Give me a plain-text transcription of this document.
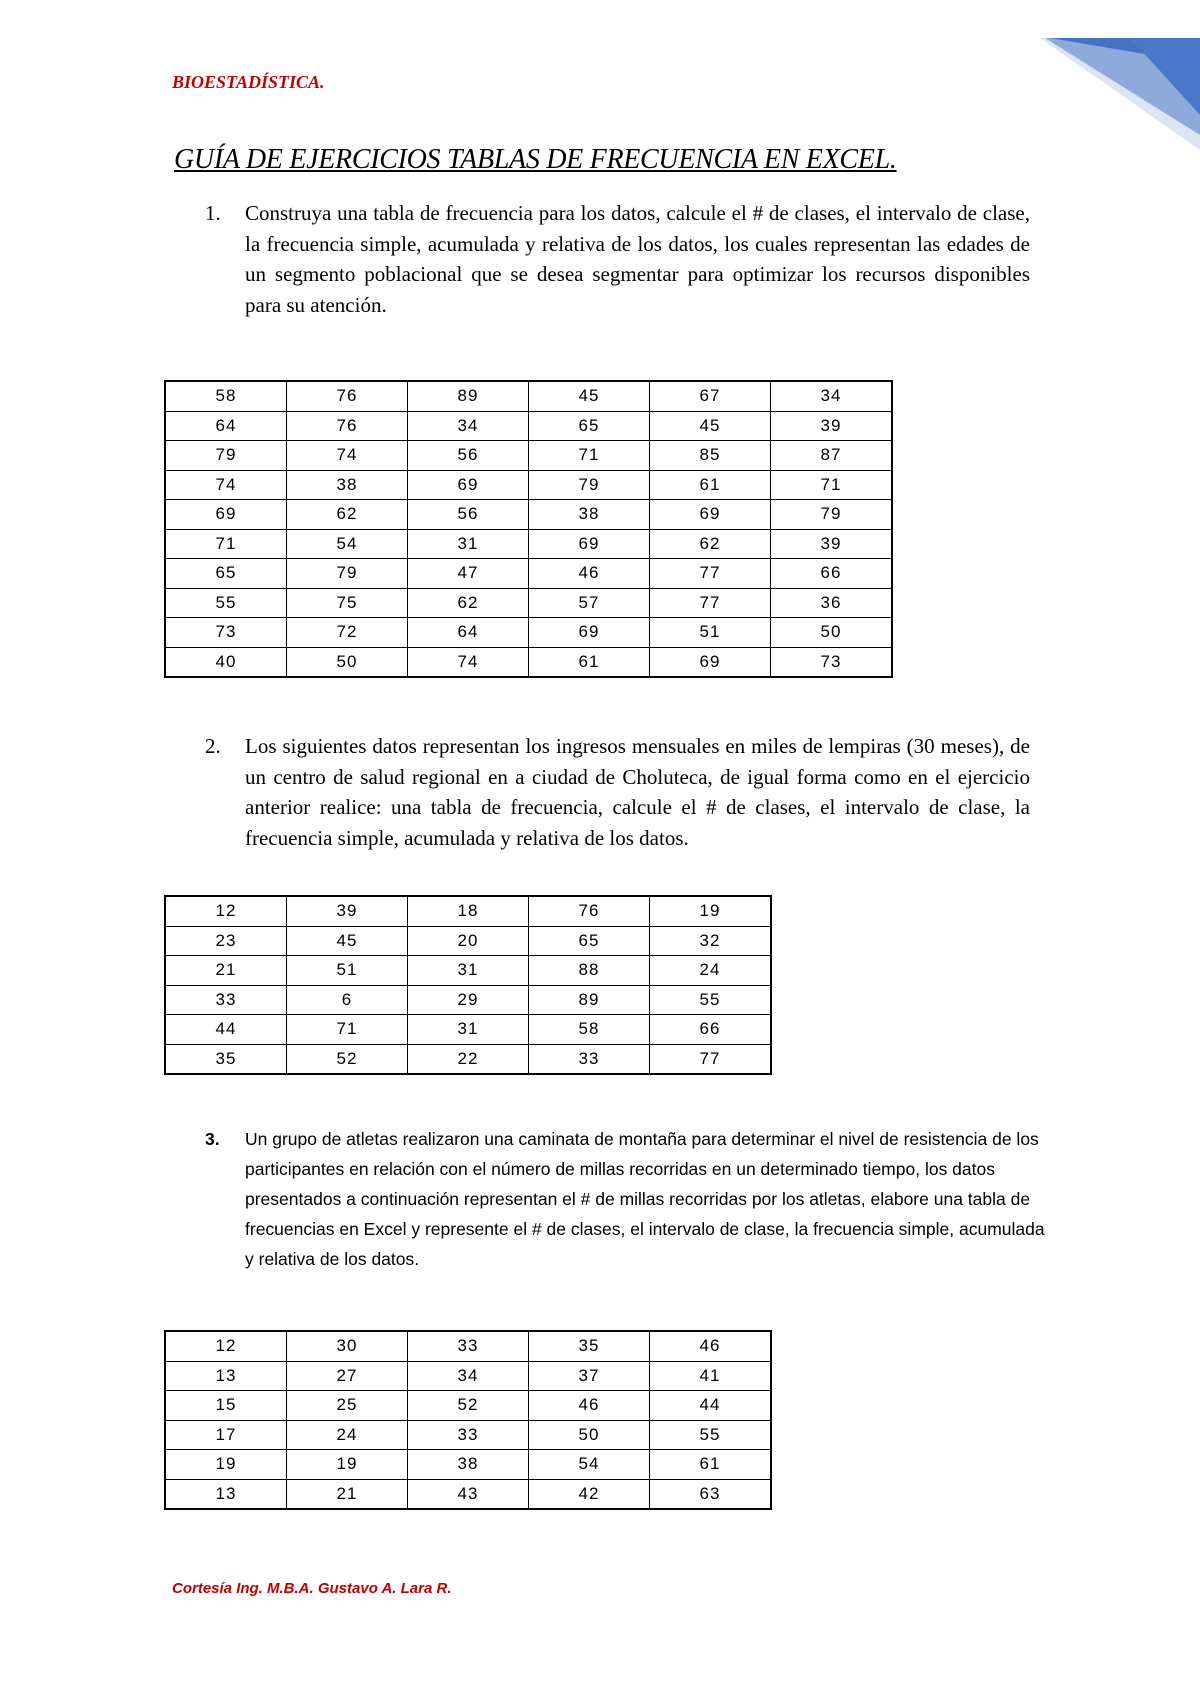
BIOESTADÍSTICA.
GUÍA DE EJERCICIOS TABLAS DE FRECUENCIA EN EXCEL.
1. Construya una tabla de frecuencia para los datos, calcule el # de clases, el intervalo de clase, la frecuencia simple, acumulada y relativa de los datos, los cuales representan las edades de un segmento poblacional que se desea segmentar para optimizar los recursos disponibles para su atención.
58	76	89	45	67	34
64	76	34	65	45	39
79	74	56	71	85	87
74	38	69	79	61	71
69	62	56	38	69	79
71	54	31	69	62	39
65	79	47	46	77	66
55	75	62	57	77	36
73	72	64	69	51	50
40	50	74	61	69	73
2. Los siguientes datos representan los ingresos mensuales en miles de lempiras (30 meses), de un centro de salud regional en a ciudad de Choluteca, de igual forma como en el ejercicio anterior realice: una tabla de frecuencia, calcule el # de clases, el intervalo de clase, la frecuencia simple, acumulada y relativa de los datos.
12	39	18	76	19
23	45	20	65	32
21	51	31	88	24
33	6	29	89	55
44	71	31	58	66
35	52	22	33	77
3. Un grupo de atletas realizaron una caminata de montaña para determinar el nivel de resistencia de los participantes en relación con el número de millas recorridas en un determinado tiempo, los datos presentados a continuación representan el # de millas recorridas por los atletas, elabore una tabla de frecuencias en Excel y represente el # de clases, el intervalo de clase, la frecuencia simple, acumulada y relativa de los datos.
12	30	33	35	46
13	27	34	37	41
15	25	52	46	44
17	24	33	50	55
19	19	38	54	61
13	21	43	42	63
Cortesía Ing. M.B.A. Gustavo A. Lara R.
